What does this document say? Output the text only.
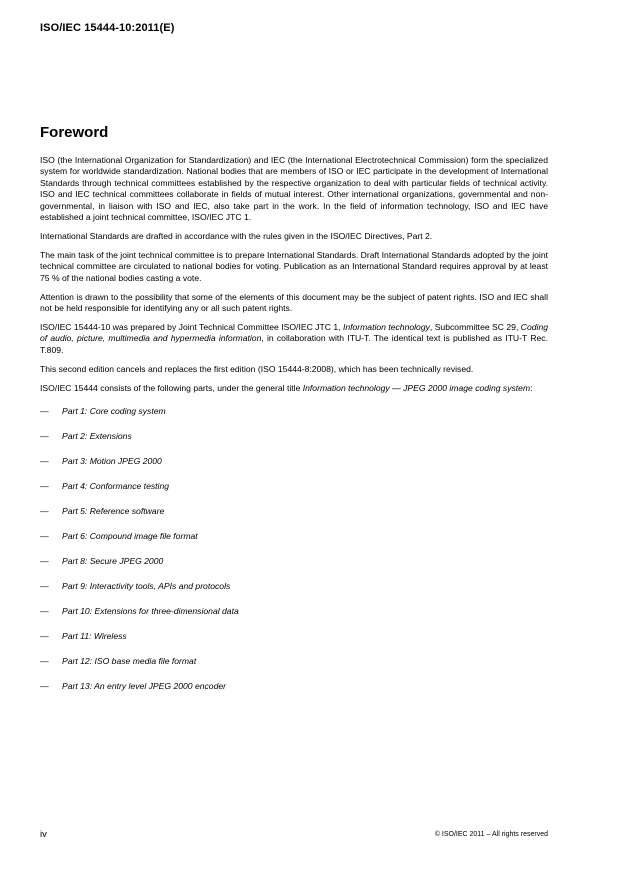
ISO/IEC 15444-10:2011(E)
Foreword

ISO (the International Organization for Standardization) and IEC (the International Electrotechnical Commission) form the specialized system for worldwide standardization. National bodies that are members of ISO or IEC participate in the development of International Standards through technical committees established by the respective organization to deal with particular fields of technical activity. ISO and IEC technical committees collaborate in fields of mutual interest. Other international organizations, governmental and non-governmental, in liaison with ISO and IEC, also take part in the work. In the field of information technology, ISO and IEC have established a joint technical committee, ISO/IEC JTC 1.

International Standards are drafted in accordance with the rules given in the ISO/IEC Directives, Part 2.

The main task of the joint technical committee is to prepare International Standards. Draft International Standards adopted by the joint technical committee are circulated to national bodies for voting. Publication as an International Standard requires approval by at least 75 % of the national bodies casting a vote.

Attention is drawn to the possibility that some of the elements of this document may be the subject of patent rights. ISO and IEC shall not be held responsible for identifying any or all such patent rights.

ISO/IEC 15444-10 was prepared by Joint Technical Committee ISO/IEC JTC 1, Information technology, Subcommittee SC 29, Coding of audio, picture, multimedia and hypermedia information, in collaboration with ITU-T. The identical text is published as ITU-T Rec. T.809.

This second edition cancels and replaces the first edition (ISO 15444-8:2008), which has been technically revised.

ISO/IEC 15444 consists of the following parts, under the general title Information technology — JPEG 2000 image coding system:

—	Part 1: Core coding system
—	Part 2: Extensions
—	Part 3: Motion JPEG 2000
—	Part 4: Conformance testing
—	Part 5: Reference software
—	Part 6: Compound image file format
—	Part 8: Secure JPEG 2000
—	Part 9: Interactivity tools, APIs and protocols
—	Part 10: Extensions for three-dimensional data
—	Part 11: Wireless
—	Part 12: ISO base media file format
—	Part 13: An entry level JPEG 2000 encoder
iv	© ISO/IEC 2011 – All rights reserved
